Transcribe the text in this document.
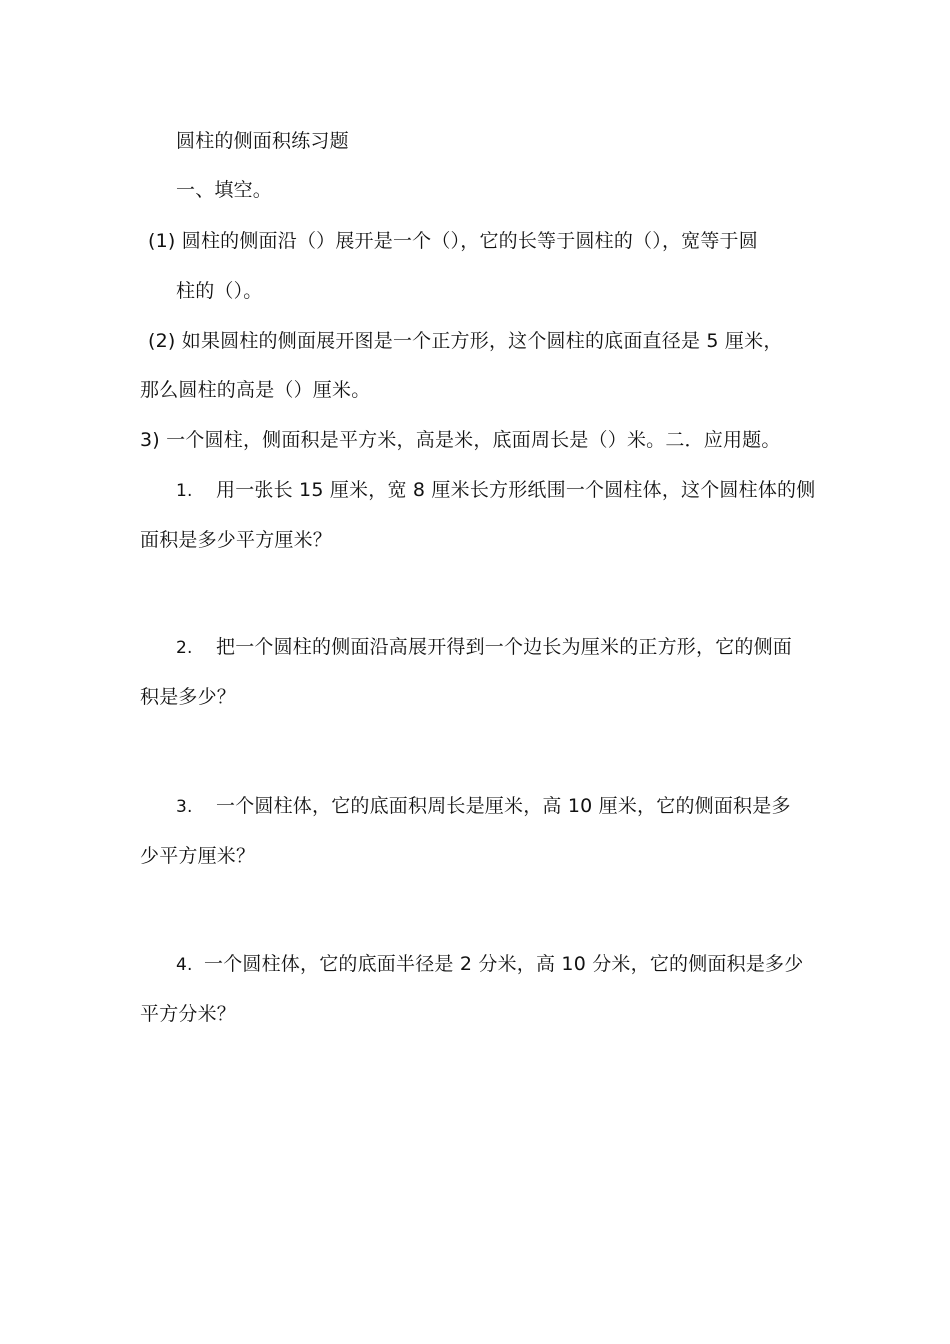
圆柱的侧面积练习题
一、填空。
(1) 圆柱的侧面沿（）展开是一个（），它的长等于圆柱的（），宽等于圆
柱的（）。
(2) 如果圆柱的侧面展开图是一个正方形，这个圆柱的底面直径是 5 厘米，
那么圆柱的高是（）厘米。
3) 一个圆柱，侧面积是平方米，高是米，底面周长是（）米。二．应用题。
1. 用一张长 15 厘米，宽 8 厘米长方形纸围一个圆柱体，这个圆柱体的侧
面积是多少平方厘米？
2. 把一个圆柱的侧面沿高展开得到一个边长为厘米的正方形，它的侧面
积是多少？
3. 一个圆柱体，它的底面积周长是厘米，高 10 厘米，它的侧面积是多
少平方厘米？
4. 一个圆柱体，它的底面半径是 2 分米，高 10 分米，它的侧面积是多少
平方分米？
